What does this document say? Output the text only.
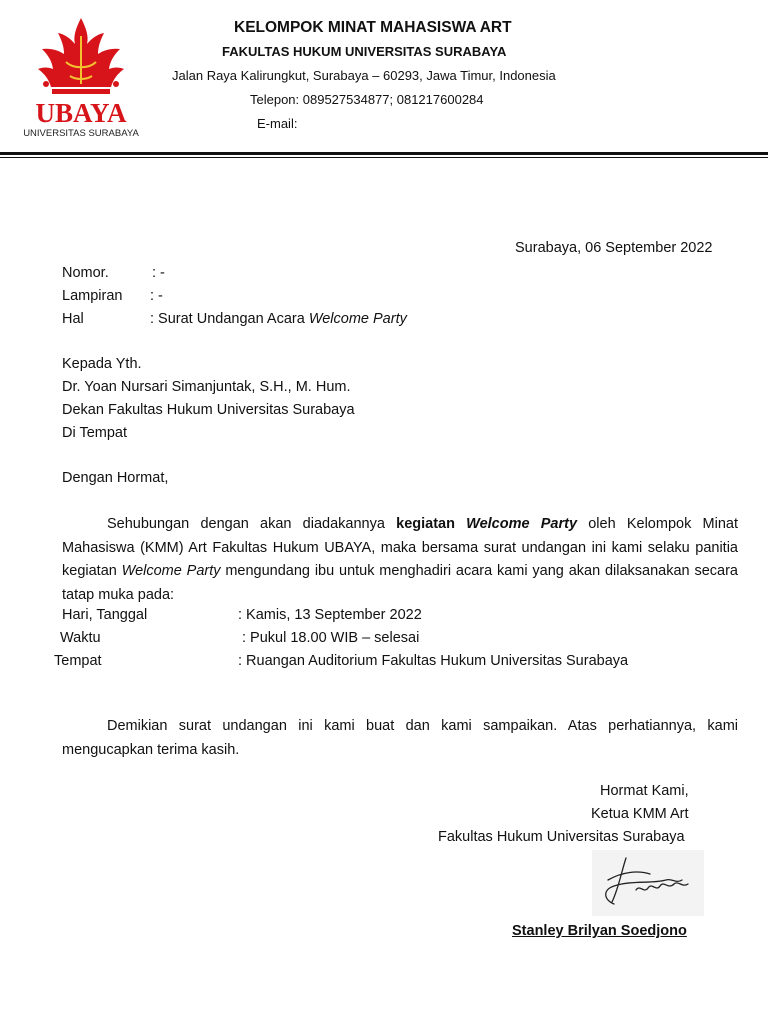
UBAYA
UNIVERSITAS SURABAYA
KELOMPOK MINAT MAHASISWA ART
FAKULTAS HUKUM UNIVERSITAS SURABAYA
Jalan Raya Kalirungkut, Surabaya – 60293, Jawa Timur, Indonesia
Telepon: 089527534877; 081217600284
E-mail:
Surabaya, 06 September 2022
Nomor.	: -
Lampiran : -
Hal	: Surat Undangan Acara Welcome Party
Kepada Yth.
Dr. Yoan Nursari Simanjuntak, S.H., M. Hum.
Dekan Fakultas Hukum Universitas Surabaya
Di Tempat
Dengan Hormat,
Sehubungan dengan akan diadakannya kegiatan Welcome Party oleh Kelompok Minat Mahasiswa (KMM) Art Fakultas Hukum UBAYA, maka bersama surat undangan ini kami selaku panitia kegiatan Welcome Party mengundang ibu untuk menghadiri acara kami yang akan dilaksanakan secara tatap muka pada:
Hari, Tanggal	: Kamis, 13 September 2022
Waktu	: Pukul 18.00 WIB – selesai
Tempat	: Ruangan Auditorium Fakultas Hukum Universitas Surabaya
Demikian surat undangan ini kami buat dan kami sampaikan. Atas perhatiannya, kami mengucapkan terima kasih.
Hormat Kami,
Ketua KMM Art
Fakultas Hukum Universitas Surabaya
Stanley Brilyan Soedjono
